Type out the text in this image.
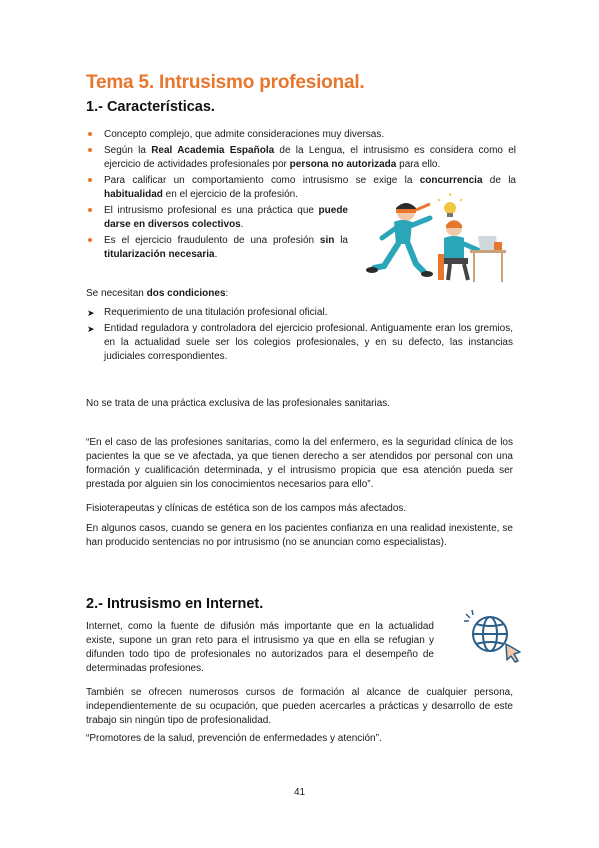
Tema 5. Intrusismo profesional.
1.- Características.
Concepto complejo, que admite consideraciones muy diversas.
Según la Real Academia Española de la Lengua, el intrusismo es considera como el ejercicio de actividades profesionales por persona no autorizada para ello.
Para calificar un comportamiento como intrusismo se exige la concurrencia de la habitualidad en el ejercicio de la profesión.
El intrusismo profesional es una práctica que puede darse en diversos colectivos.
Es el ejercicio fraudulento de una profesión sin la titularización necesaria.

Se necesitan dos condiciones:

➤ Requerimiento de una titulación profesional oficial.
➤ Entidad reguladora y controladora del ejercicio profesional. Antiguamente eran los gremios, en la actualidad suele ser los colegios profesionales, y en su defecto, las instancias judiciales correspondientes.

No se trata de una práctica exclusiva de las profesionales sanitarias.

“En el caso de las profesiones sanitarias, como la del enfermero, es la seguridad clínica de los pacientes la que se ve afectada, ya que tienen derecho a ser atendidos por personal con una formación y cualificación determinada, y el intrusismo propicia que esa atención pueda ser prestada por alguien sin los conocimientos necesarios para ello”.

Fisioterapeutas y clínicas de estética son de los campos más afectados.

En algunos casos, cuando se genera en los pacientes confianza en una realidad inexistente, se han producido sentencias no por intrusismo (no se anuncian como especialistas).

2.- Intrusismo en Internet.

Internet, como la fuente de difusión más importante que en la actualidad existe, supone un gran reto para el intrusismo ya que en ella se refugian y difunden todo tipo de profesionales no autorizados para el desempeño de determinadas profesiones.

También se ofrecen numerosos cursos de formación al alcance de cualquier persona, independientemente de su ocupación, que pueden acercarles a prácticas y desarrollo de este trabajo sin ningún tipo de profesionalidad.

“Promotores de la salud, prevención de enfermedades y atención”.

41
